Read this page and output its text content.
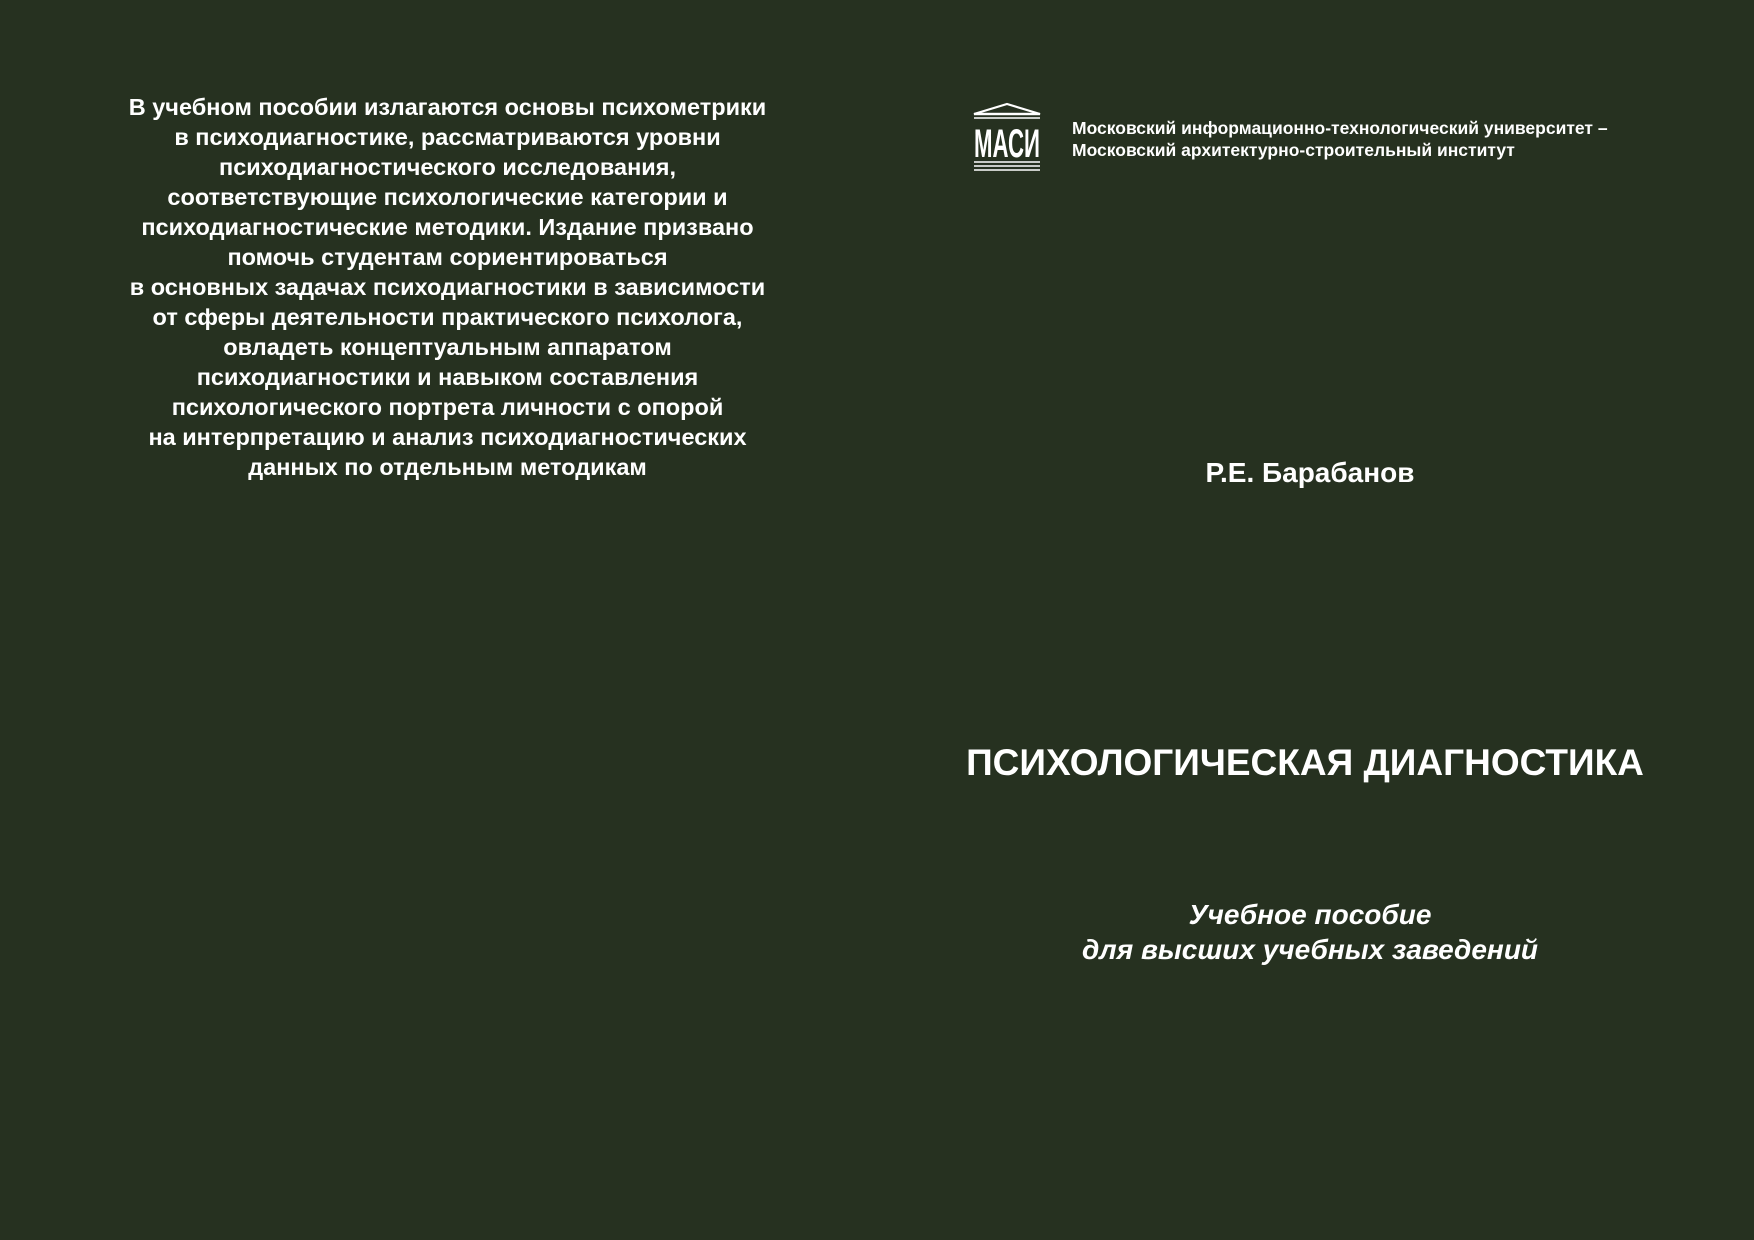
В учебном пособии излагаются основы психометрики
в психодиагностике, рассматриваются уровни
психодиагностического исследования,
соответствующие психологические категории и
психодиагностические методики. Издание призвано
помочь студентам сориентироваться
в основных задачах психодиагностики в зависимости
от сферы деятельности практического психолога,
овладеть концептуальным аппаратом
психодиагностики и навыком составления
психологического портрета личности с опорой
на интерпретацию и анализ психодиагностических
данных по отдельным методикам
МАСИ Московский информационно-технологический университет –
Московский архитектурно-строительный институт
Р.Е. Барабанов
ПСИХОЛОГИЧЕСКАЯ ДИАГНОСТИКА
Учебное пособие
для высших учебных заведений
